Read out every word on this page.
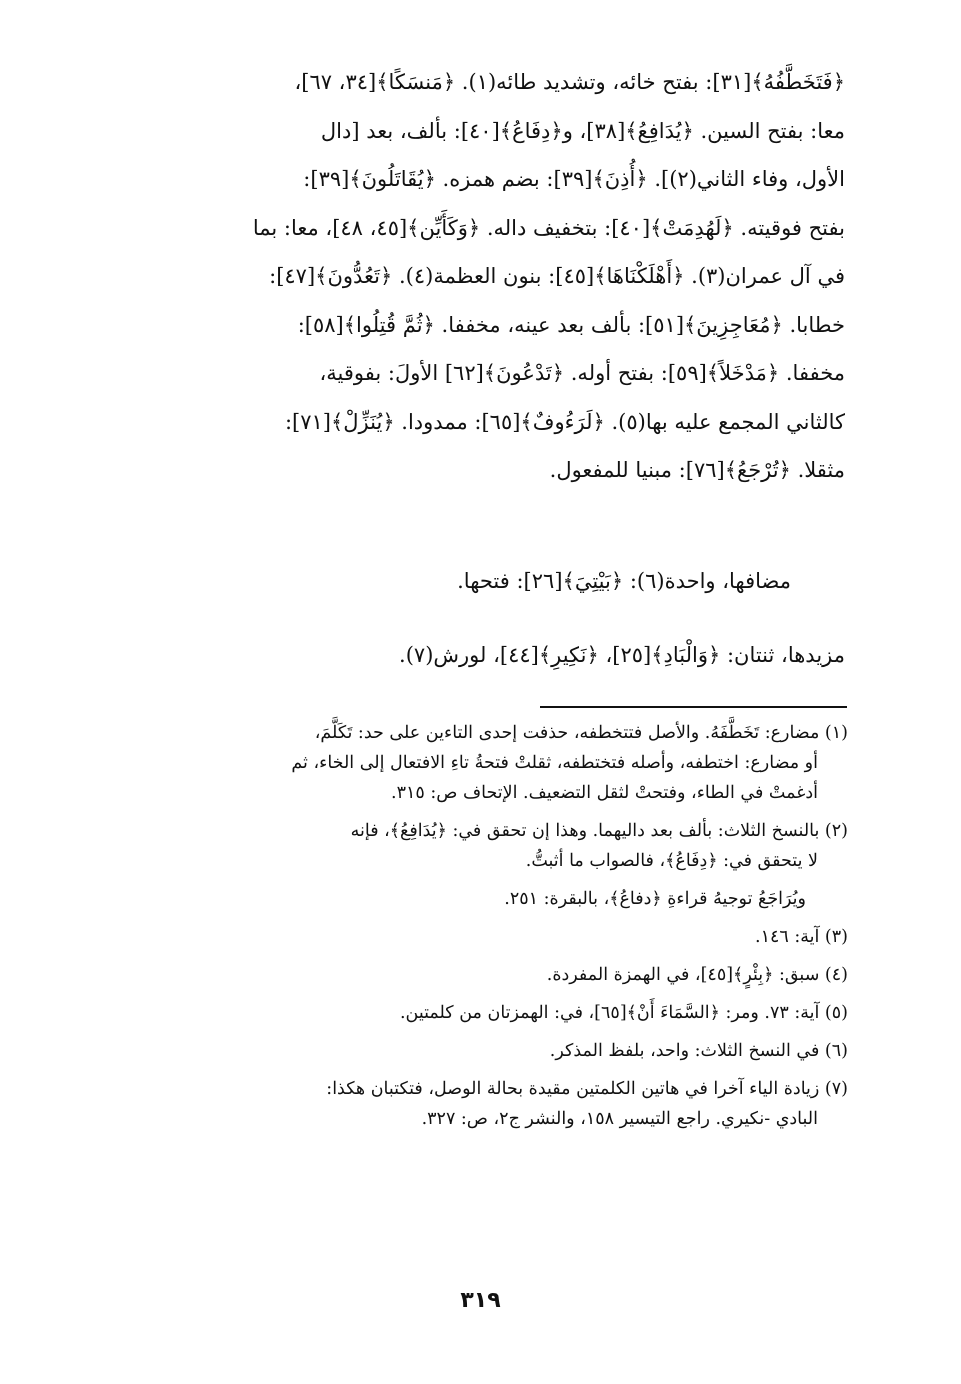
﴿فَتَخَطَّفُهُ﴾[٣١]: بفتح خائه، وتشديد طائه(١). ﴿مَنسَكًا﴾[٣٤، ٦٧]،
معا: بفتح السين. ﴿يُدَافِعُ﴾[٣٨]، و﴿دِفَاعُ﴾[٤٠]: بألف، بعد [دال
الأول، وفاء الثاني(٢)]. ﴿أُذِنَ﴾[٣٩]: بضم همزه. ﴿يُقَاتَلُونَ﴾[٣٩]:
بفتح فوقيته. ﴿لَهُدِمَتْ﴾[٤٠]: بتخفيف داله. ﴿وَكَأَيِّن﴾[٤٥، ٤٨]، معا: بما
في آل عمران(٣). ﴿أَهْلَكْنَاهَا﴾[٤٥]: بنون العظمة(٤). ﴿تَعُدُّونَ﴾[٤٧]:
خطابا. ﴿مُعَاجِزِينَ﴾[٥١]: بألف بعد عينه، مخففا. ﴿ثُمَّ قُتِلُوا﴾[٥٨]:
مخففا. ﴿مَدْخَلاً﴾[٥٩]: بفتح أوله. ﴿تَدْعُونَ﴾[٦٢] الأولَ: بفوقية،
كالثاني المجمع عليه بها(٥). ﴿لَرَءُوفٌ﴾[٦٥]: ممدودا. ﴿يُنَزِّلْ﴾[٧١]:
مثقلا. ﴿تُرْجَعُ﴾[٧٦]: مبنيا للمفعول.
مضافها، واحدة(٦): ﴿بَيْتِيَ﴾[٢٦]: فتحها.
مزيدها، ثنتان: ﴿وَالْبَادِ﴾[٢٥]، ﴿نَكِيرِ﴾[٤٤]، لورش(٧).

(١) مضارع: تَخَطَّفَهُ. والأصل فتتخطفه، حذفت إحدى التاءين على حد: تَكَلَّمَ،

أو مضارع: اختطفه، وأصله فتختطفه، ثقلتْ فتحةُ تاءِ الافتعال إلى الخاء، ثم

أدغمتْ في الطاء، وفتحتْ لثقل التضعيف. الإتحاف ص: ٣١٥.

(٢) بالنسخ الثلاث: بألف بعد داليهما. وهذا إن تحقق في: ﴿يُدَافِعُ﴾، فإنه

لا يتحقق في: ﴿دِفَاعُ﴾، فالصواب ما أثبتُّ.

ويُرَاجَعُ توجيهُ قراءةِ ﴿دفاعُ﴾، بالبقرة: ٢٥١.

(٣) آية: ١٤٦.

(٤) سبق: ﴿بِئْرٍ﴾[٤٥]، في الهمزة المفردة.

(٥) آية: ٧٣. ومر: ﴿السَّمَاءَ أَنْ﴾[٦٥]، في: الهمزتان من كلمتين.

(٦) في النسخ الثلاث: واحد، بلفظ المذكر.

(٧) زيادة الياء آخرا في هاتين الكلمتين مقيدة بحالة الوصل، فتكتبان هكذا:

البادي -نكيري. راجع التيسير ١٥٨، والنشر ج٢، ص: ٣٢٧.

٣١٩
